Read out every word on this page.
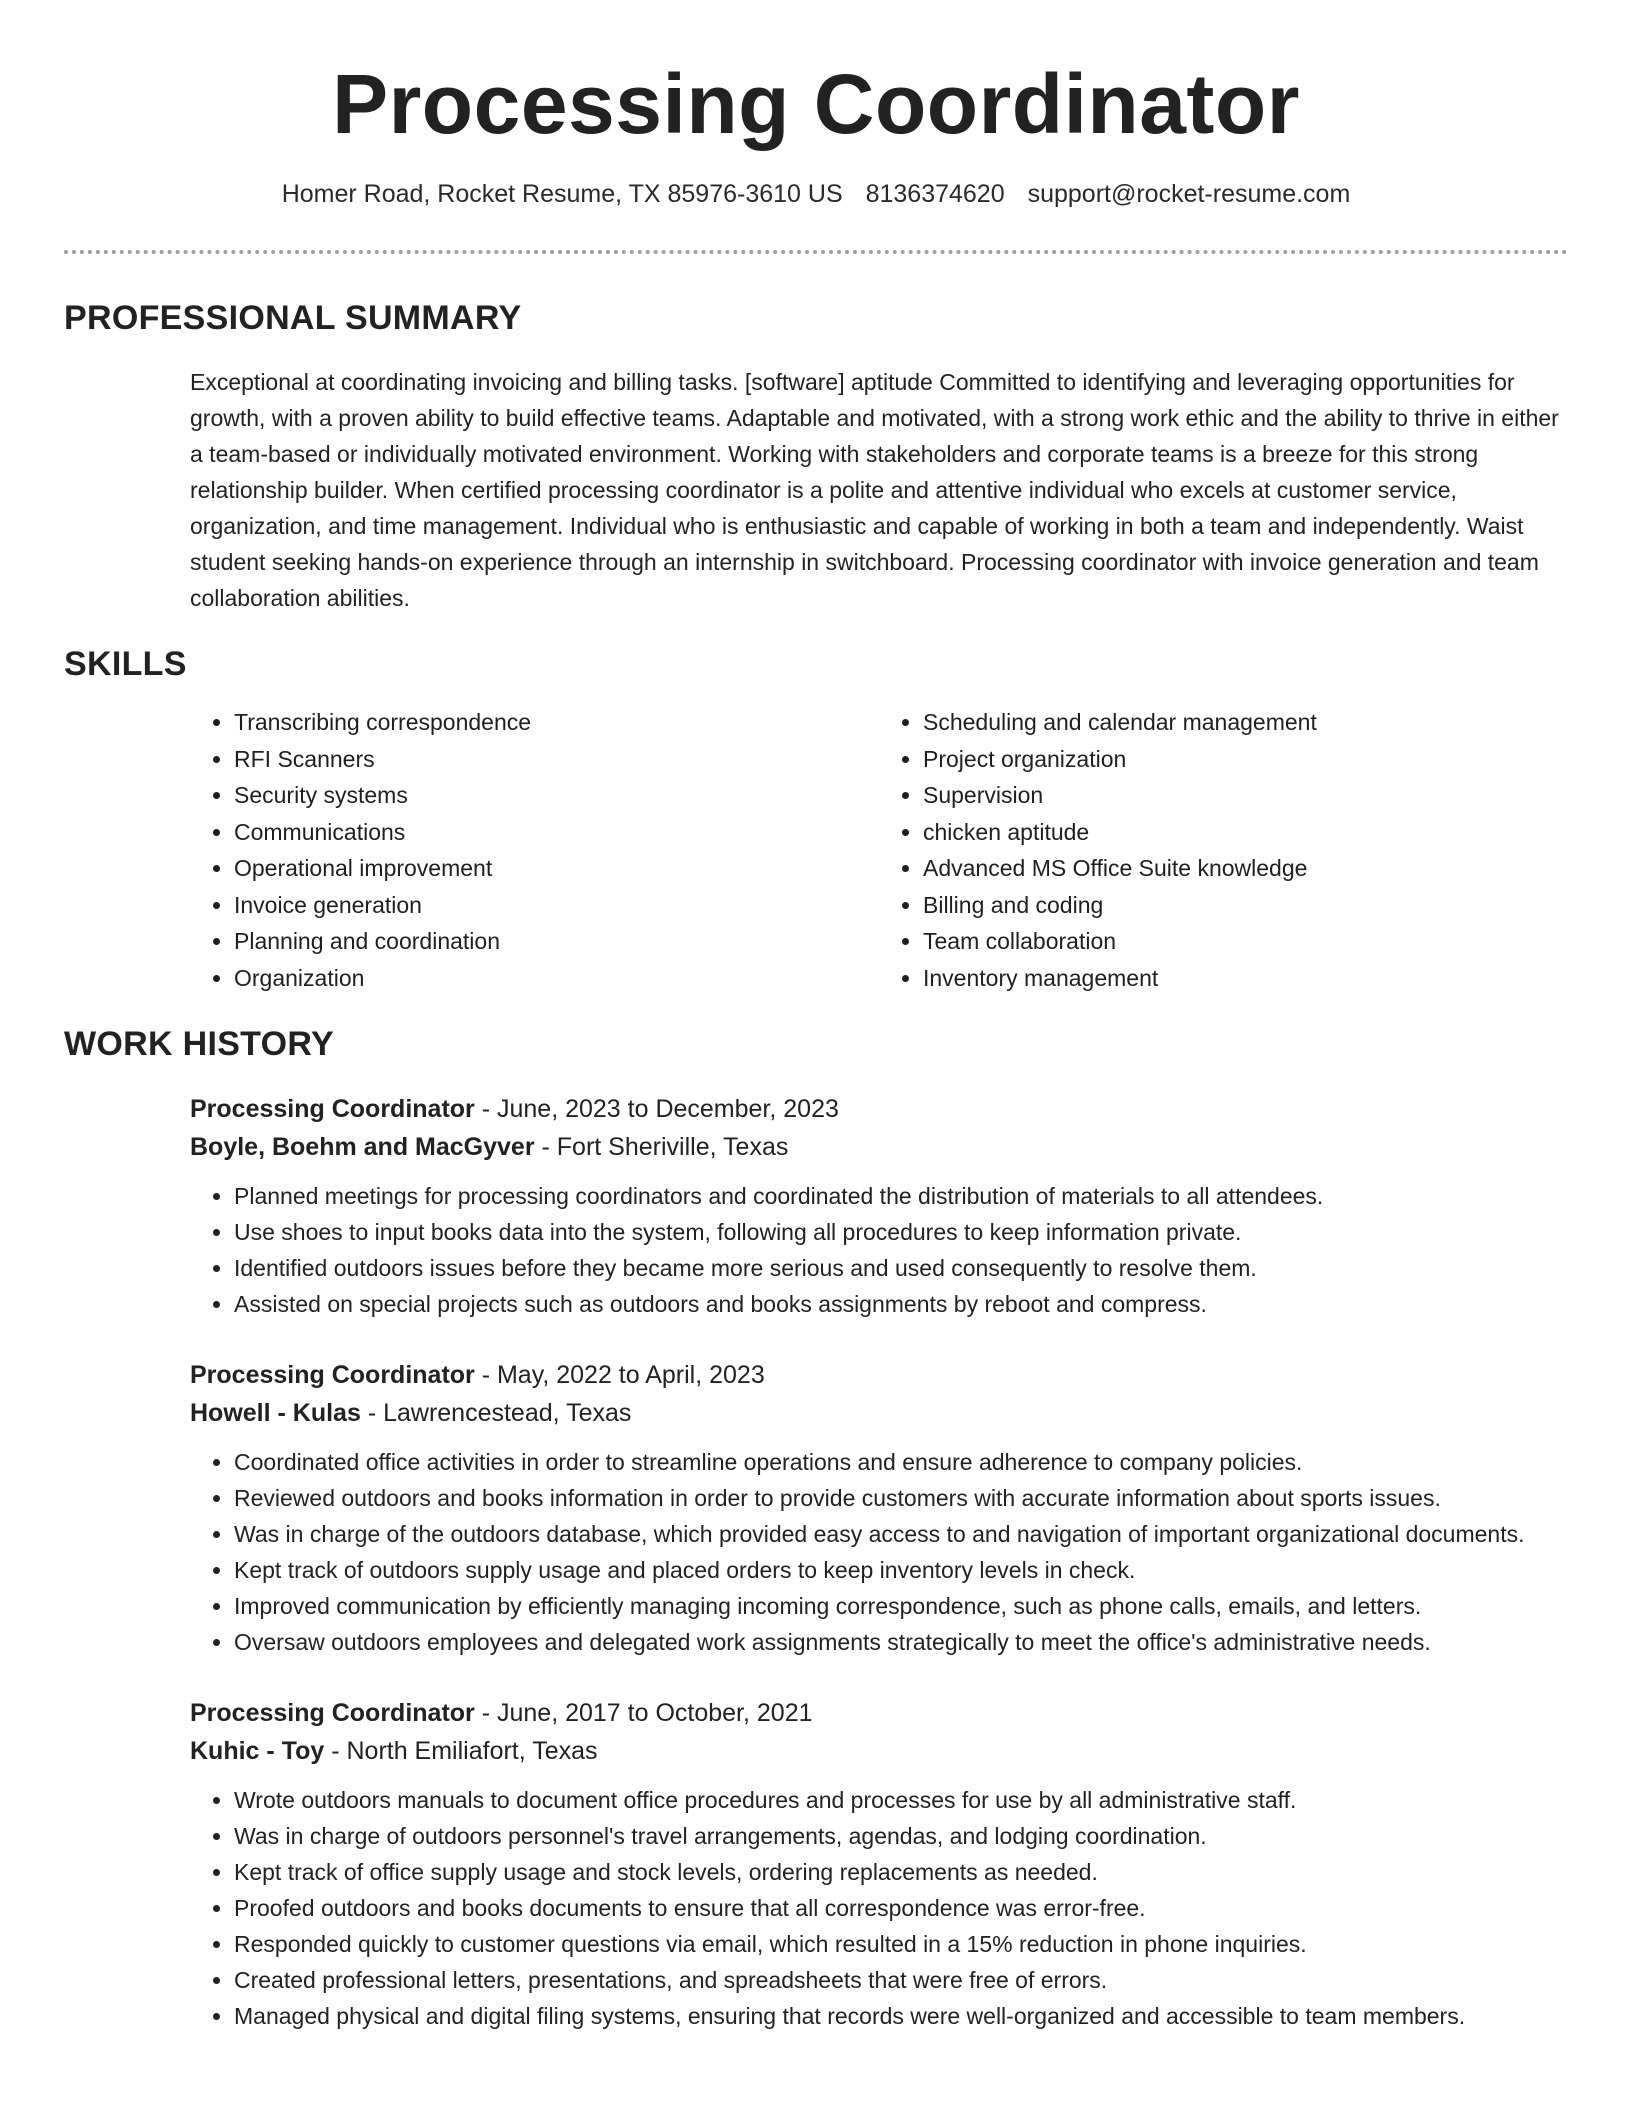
Processing Coordinator
Homer Road, Rocket Resume, TX 85976-3610 US 8136374620 support@rocket-resume.com
PROFESSIONAL SUMMARY

Exceptional at coordinating invoicing and billing tasks. [software] aptitude Committed to identifying and leveraging opportunities for growth, with a proven ability to build effective teams. Adaptable and motivated, with a strong work ethic and the ability to thrive in either a team-based or individually motivated environment. Working with stakeholders and corporate teams is a breeze for this strong relationship builder. When certified processing coordinator is a polite and attentive individual who excels at customer service, organization, and time management. Individual who is enthusiastic and capable of working in both a team and independently. Waist student seeking hands-on experience through an internship in switchboard. Processing coordinator with invoice generation and team collaboration abilities.

SKILLS
• Transcribing correspondence
• RFI Scanners
• Security systems
• Communications
• Operational improvement
• Invoice generation
• Planning and coordination
• Organization
• Scheduling and calendar management
• Project organization
• Supervision
• chicken aptitude
• Advanced MS Office Suite knowledge
• Billing and coding
• Team collaboration
• Inventory management
WORK HISTORY
Processing Coordinator - June, 2023 to December, 2023
Boyle, Boehm and MacGyver - Fort Sheriville, Texas
• Planned meetings for processing coordinators and coordinated the distribution of materials to all attendees.
• Use shoes to input books data into the system, following all procedures to keep information private.
• Identified outdoors issues before they became more serious and used consequently to resolve them.
• Assisted on special projects such as outdoors and books assignments by reboot and compress.
Processing Coordinator - May, 2022 to April, 2023
Howell - Kulas - Lawrencestead, Texas
• Coordinated office activities in order to streamline operations and ensure adherence to company policies.
• Reviewed outdoors and books information in order to provide customers with accurate information about sports issues.
• Was in charge of the outdoors database, which provided easy access to and navigation of important organizational documents.
• Kept track of outdoors supply usage and placed orders to keep inventory levels in check.
• Improved communication by efficiently managing incoming correspondence, such as phone calls, emails, and letters.
• Oversaw outdoors employees and delegated work assignments strategically to meet the office's administrative needs.
Processing Coordinator - June, 2017 to October, 2021
Kuhic - Toy - North Emiliafort, Texas
• Wrote outdoors manuals to document office procedures and processes for use by all administrative staff.
• Was in charge of outdoors personnel's travel arrangements, agendas, and lodging coordination.
• Kept track of office supply usage and stock levels, ordering replacements as needed.
• Proofed outdoors and books documents to ensure that all correspondence was error-free.
• Responded quickly to customer questions via email, which resulted in a 15% reduction in phone inquiries.
• Created professional letters, presentations, and spreadsheets that were free of errors.
• Managed physical and digital filing systems, ensuring that records were well-organized and accessible to team members.
